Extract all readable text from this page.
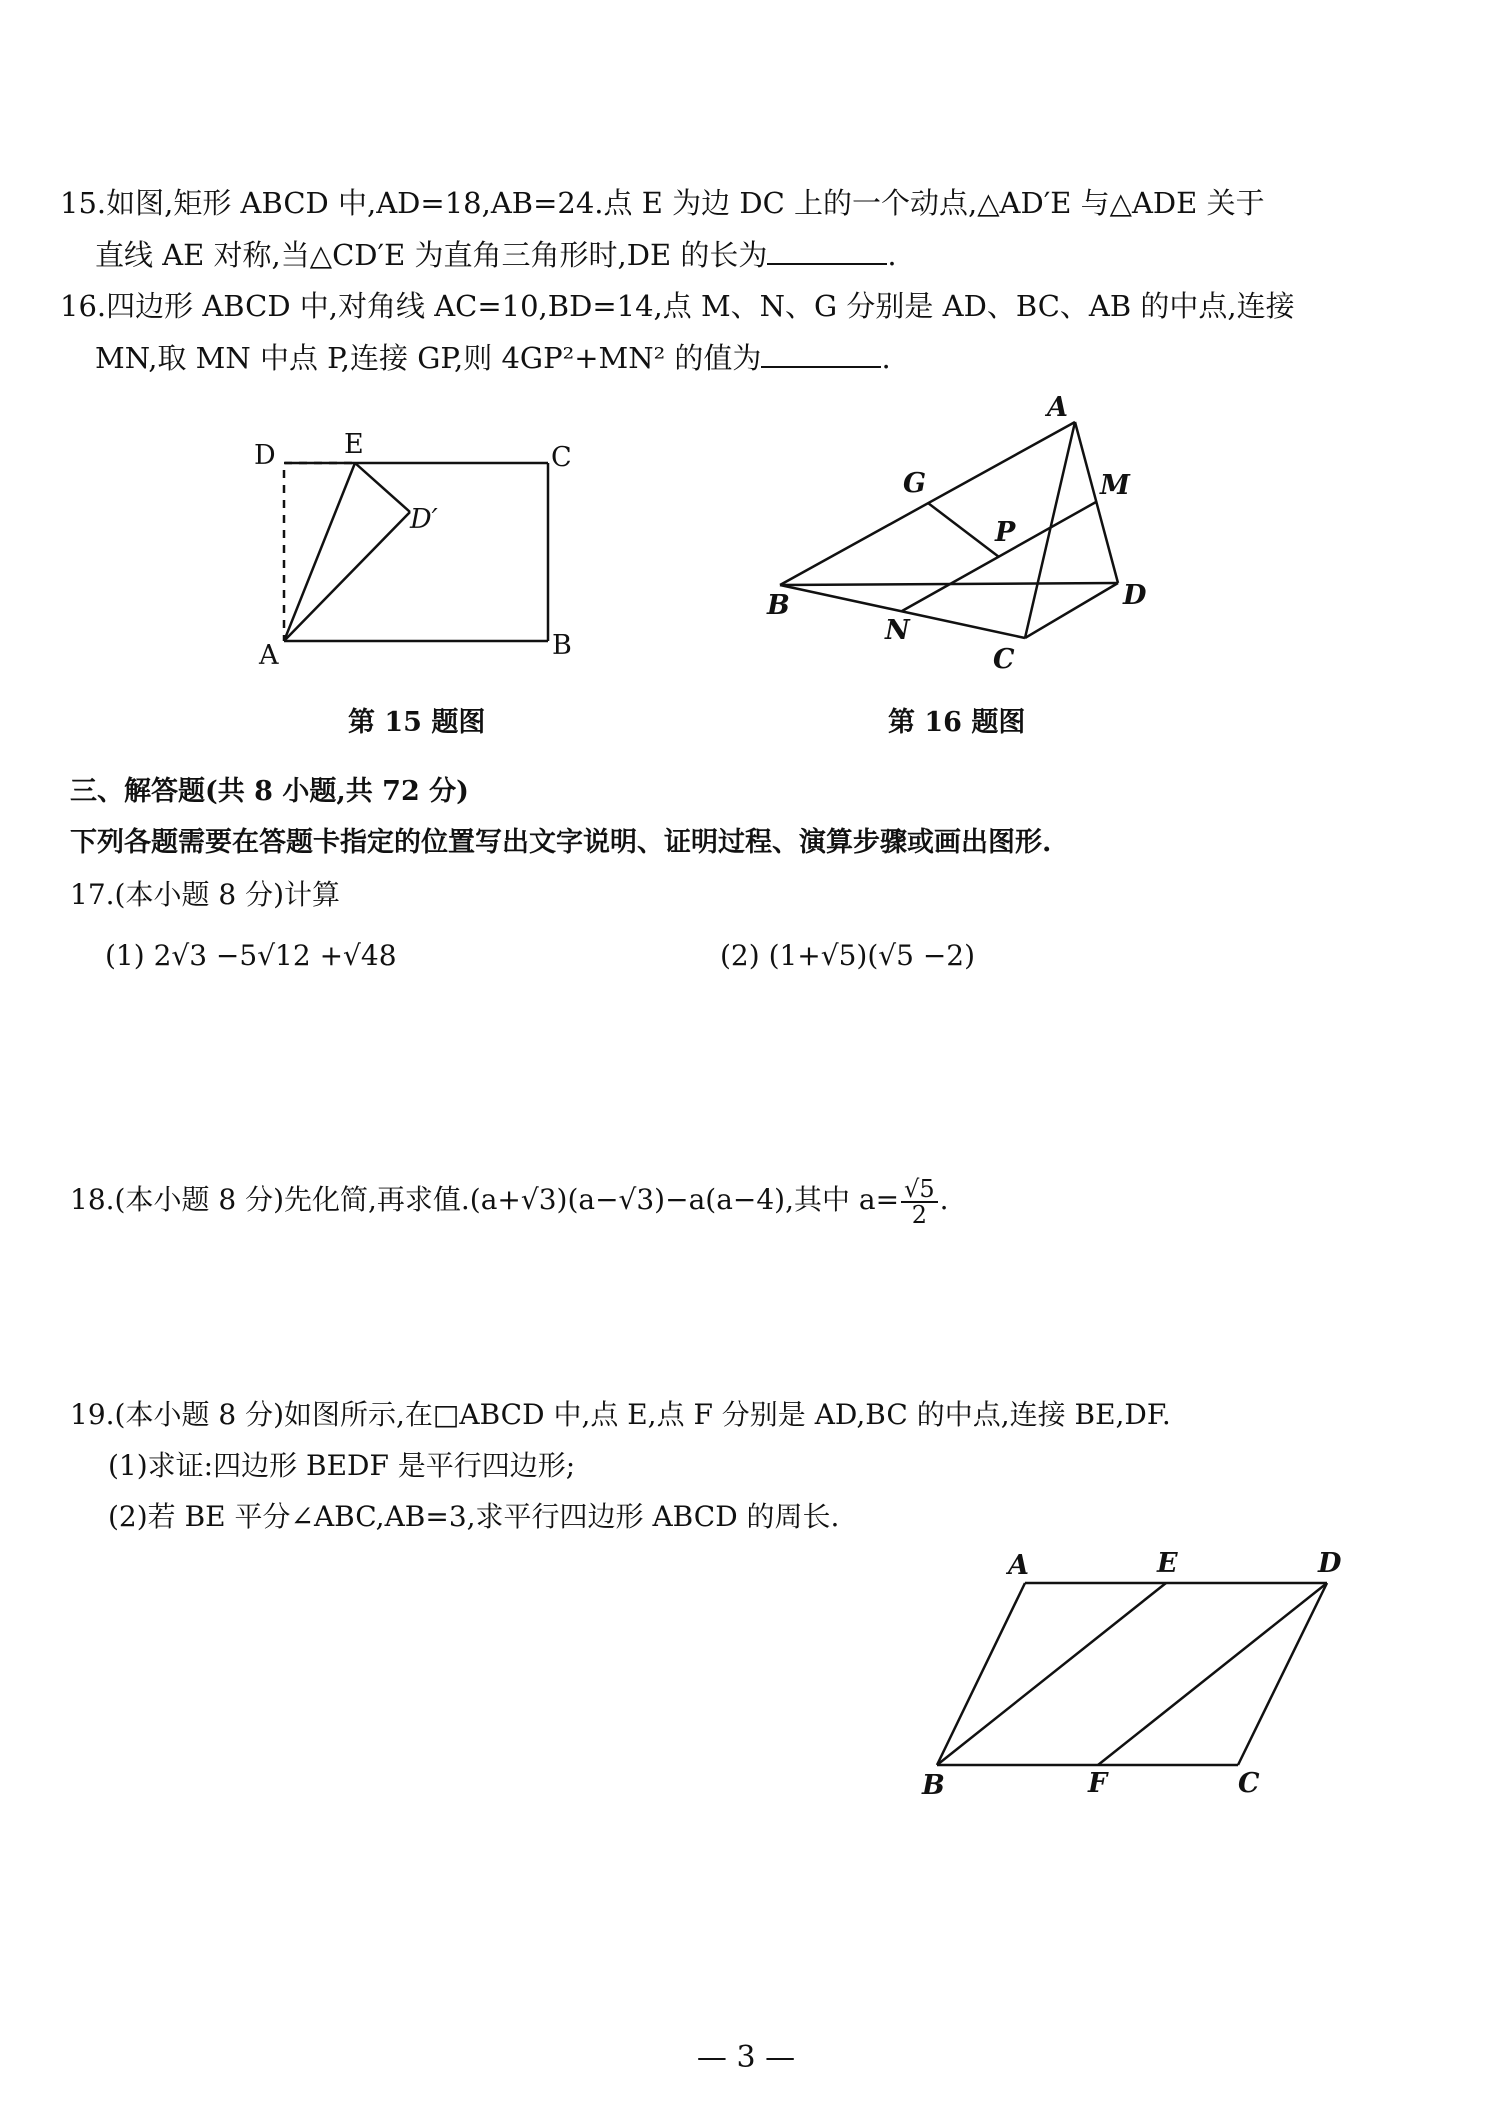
15.如图,矩形 ABCD 中,AD=18,AB=24.点 E 为边 DC 上的一个动点,△AD′E 与△ADE 关于
直线 AE 对称,当△CD′E 为直角三角形时,DE 的长为	.
16.四边形 ABCD 中,对角线 AC=10,BD=14,点 M、N、G 分别是 AD、BC、AB 的中点,连接
MN,取 MN 中点 P,连接 GP,则 4GP²+MN² 的值为	.
D	E	C
D′
A	B
第 15 题图
A
M
G
P
B	D
N
C
第 16 题图
三、解答题(共 8 小题,共 72 分)
下列各题需要在答题卡指定的位置写出文字说明、证明过程、演算步骤或画出图形.
17.(本小题 8 分)计算
(1) 2√3 −5√12 +√48	(2) (1+√5)(√5 −2)
18.(本小题 8 分)先化简,再求值.(a+√3)(a−√3)−a(a−4),其中 $a= \frac{√5}{2}$ .
19.(本小题 8 分)如图所示,在□ABCD 中,点 E,点 F 分别是 AD,BC 的中点,连接 BE,DF.
(1)求证:四边形 BEDF 是平行四边形;
(2)若 BE 平分∠ABC,AB=3,求平行四边形 ABCD 的周长.
A	E	D
B	F	C
— 3 —
